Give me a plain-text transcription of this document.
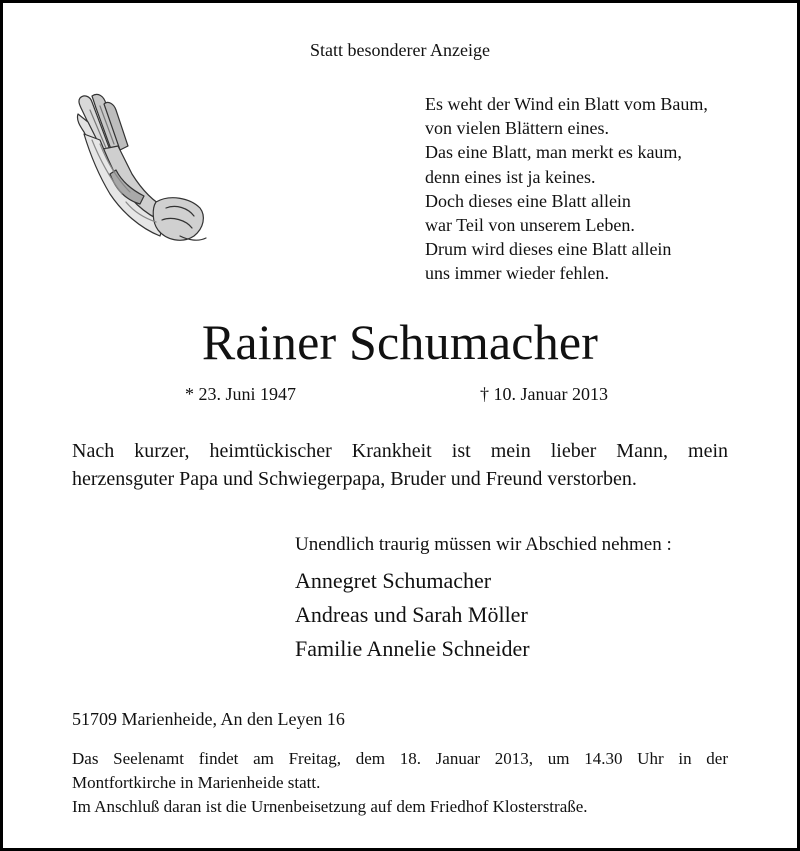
Statt besonderer Anzeige
Es weht der Wind ein Blatt vom Baum,
von vielen Blättern eines.
Das eine Blatt, man merkt es kaum,
denn eines ist ja keines.
Doch dieses eine Blatt allein
war Teil von unserem Leben.
Drum wird dieses eine Blatt allein
uns immer wieder fehlen.
Rainer Schumacher
* 23. Juni 1947	† 10. Januar 2013
Nach kurzer, heimtückischer Krankheit ist mein lieber Mann, mein
herzensguter Papa und Schwiegerpapa, Bruder und Freund verstorben.
Unendlich traurig müssen wir Abschied nehmen :
Annegret Schumacher
Andreas und Sarah Möller
Familie Annelie Schneider
51709 Marienheide, An den Leyen 16
Das Seelenamt findet am Freitag, dem 18. Januar 2013, um 14.30 Uhr in der
Montfortkirche in Marienheide statt.
Im Anschluß daran ist die Urnenbeisetzung auf dem Friedhof Klosterstraße.
